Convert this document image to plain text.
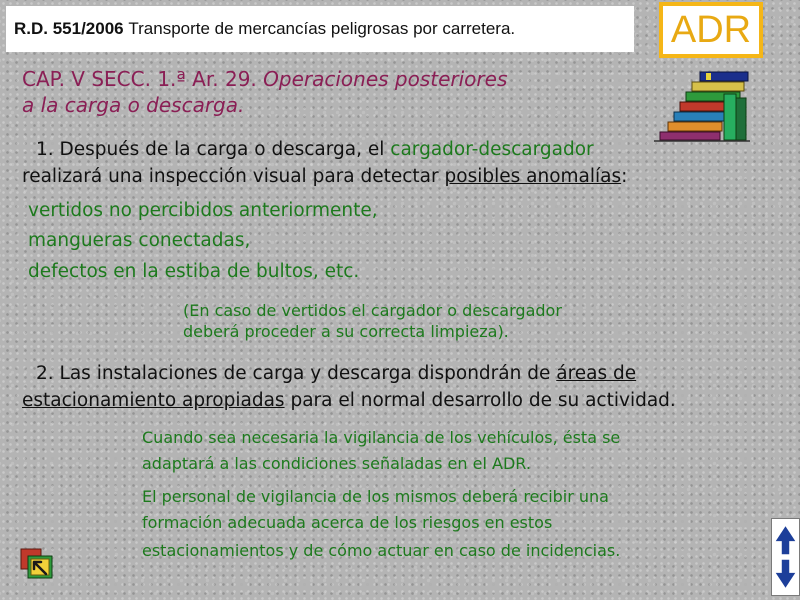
R.D. 551/2006
Transporte de mercancías peligrosas por carretera.	ADR
CAP. V SECC. 1.ª Ar. 29. Operaciones posteriores
a la carga o descarga.
1. Después de la carga o descarga, el cargador-descargador
realizará una inspección visual para detectar posibles anomalías:
vertidos no percibidos anteriormente,
mangueras conectadas,
defectos en la estiba de bultos, etc.
(En caso de vertidos el cargador o descargador
deberá proceder a su correcta limpieza).
2. Las instalaciones de carga y descarga dispondrán de áreas de
estacionamiento apropiadas para el normal desarrollo de su actividad.
Cuando sea necesaria la vigilancia de los vehículos, ésta se
adaptará a las condiciones señaladas en el ADR.
El personal de vigilancia de los mismos deberá recibir una
formación adecuada acerca de los riesgos en estos
estacionamientos y de cómo actuar en caso de incidencias.
